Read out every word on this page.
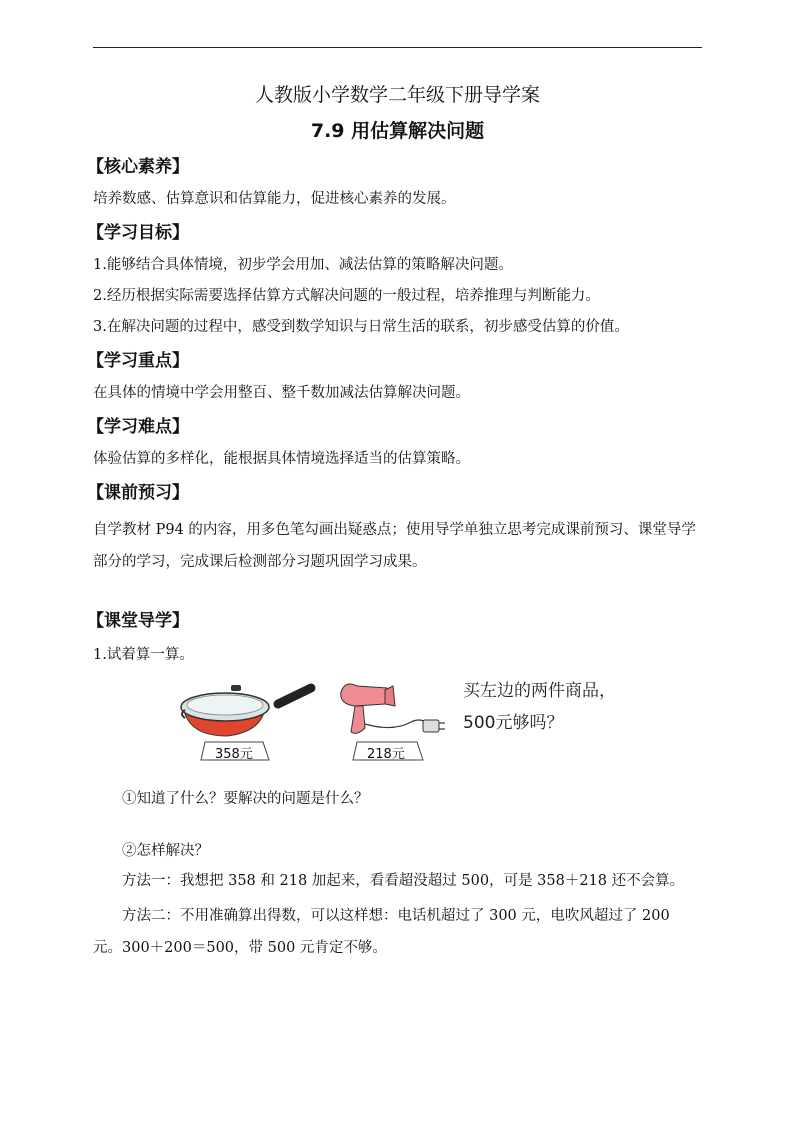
人教版小学数学二年级下册导学案

7.9 用估算解决问题

【核心素养】

培养数感、估算意识和估算能力，促进核心素养的发展。

【学习目标】

1.能够结合具体情境，初步学会用加、减法估算的策略解决问题。

2.经历根据实际需要选择估算方式解决问题的一般过程，培养推理与判断能力。

3.在解决问题的过程中，感受到数学知识与日常生活的联系，初步感受估算的价值。

【学习重点】

在具体的情境中学会用整百、整千数加减法估算解决问题。

【学习难点】

体验估算的多样化，能根据具体情境选择适当的估算策略。

【课前预习】

自学教材 P94 的内容，用多色笔勾画出疑惑点；使用导学单独立思考完成课前预习、课堂导学部分的学习，完成课后检测部分习题巩固学习成果。

【课堂导学】

1.试着算一算。

358元	218元
买左边的两件商品，
500元够吗？

①知道了什么？要解决的问题是什么？

②怎样解决？

方法一：我想把 358 和 218 加起来，看看超没超过 500，可是 358＋218 还不会算。

方法二：不用准确算出得数，可以这样想：电话机超过了 300 元，电吹风超过了 200 元。300＋200＝500，带 500 元肯定不够。
